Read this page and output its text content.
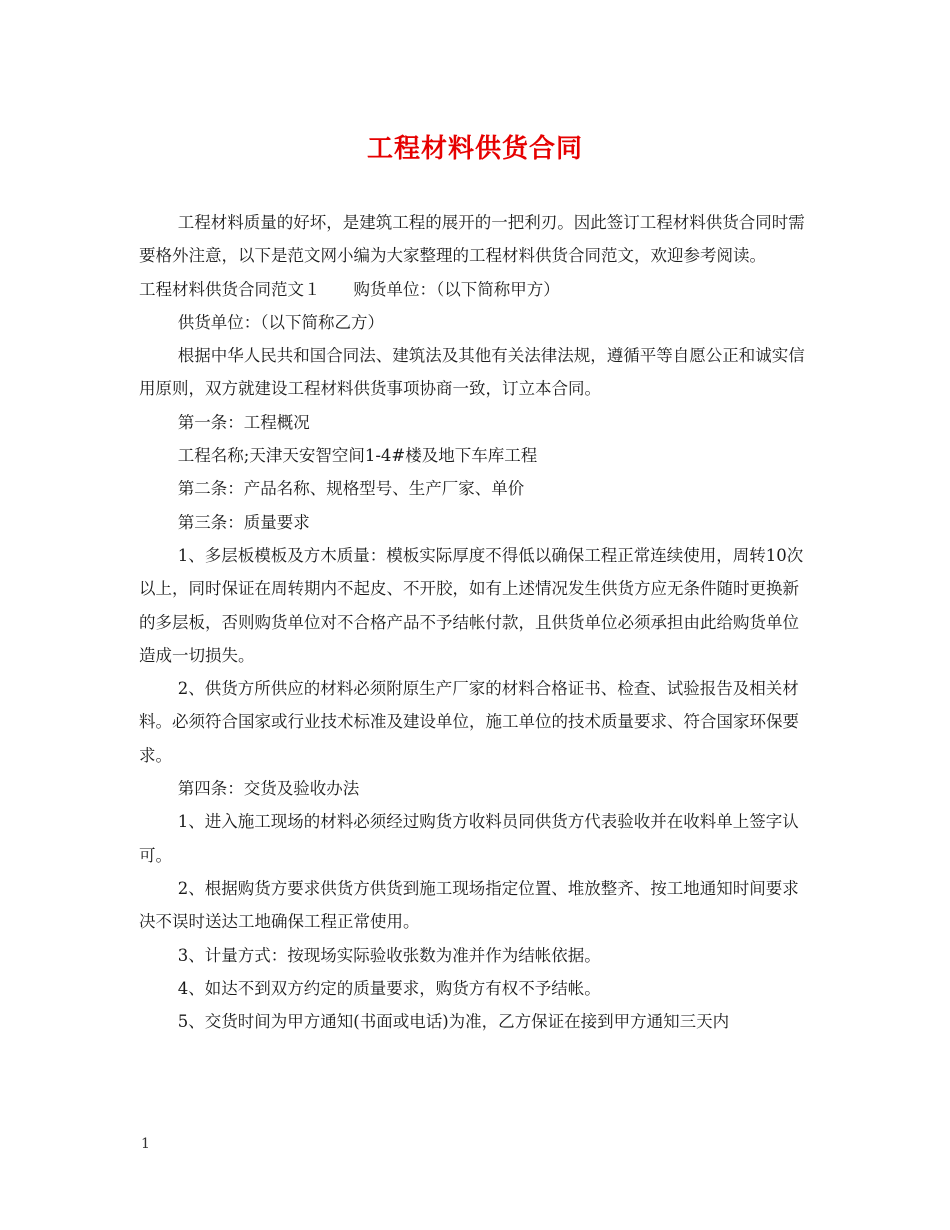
工程材料供货合同

工程材料质量的好坏，是建筑工程的展开的一把利刃。因此签订工程材料供货合同时需要格外注意，以下是范文网小编为大家整理的工程材料供货合同范文，欢迎参考阅读。

工程材料供货合同范文１　　购货单位：（以下简称甲方）

供货单位：（以下简称乙方）

根据中华人民共和国合同法、建筑法及其他有关法律法规，遵循平等自愿公正和诚实信用原则，双方就建设工程材料供货事项协商一致，订立本合同。

第一条：工程概况

工程名称;天津天安智空间1-4#楼及地下车库工程

第二条：产品名称、规格型号、生产厂家、单价

第三条：质量要求

1、多层板模板及方木质量：模板实际厚度不得低以确保工程正常连续使用，周转10次以上，同时保证在周转期内不起皮、不开胶，如有上述情况发生供货方应无条件随时更换新的多层板，否则购货单位对不合格产品不予结帐付款，且供货单位必须承担由此给购货单位造成一切损失。

2、供货方所供应的材料必须附原生产厂家的材料合格证书、检查、试验报告及相关材料。必须符合国家或行业技术标准及建设单位，施工单位的技术质量要求、符合国家环保要求。

第四条：交货及验收办法

1、进入施工现场的材料必须经过购货方收料员同供货方代表验收并在收料单上签字认可。

2、根据购货方要求供货方供货到施工现场指定位置、堆放整齐、按工地通知时间要求决不误时送达工地确保工程正常使用。

3、计量方式：按现场实际验收张数为准并作为结帐依据。

4、如达不到双方约定的质量要求，购货方有权不予结帐。

5、交货时间为甲方通知(书面或电话)为准，乙方保证在接到甲方通知三天内

1
